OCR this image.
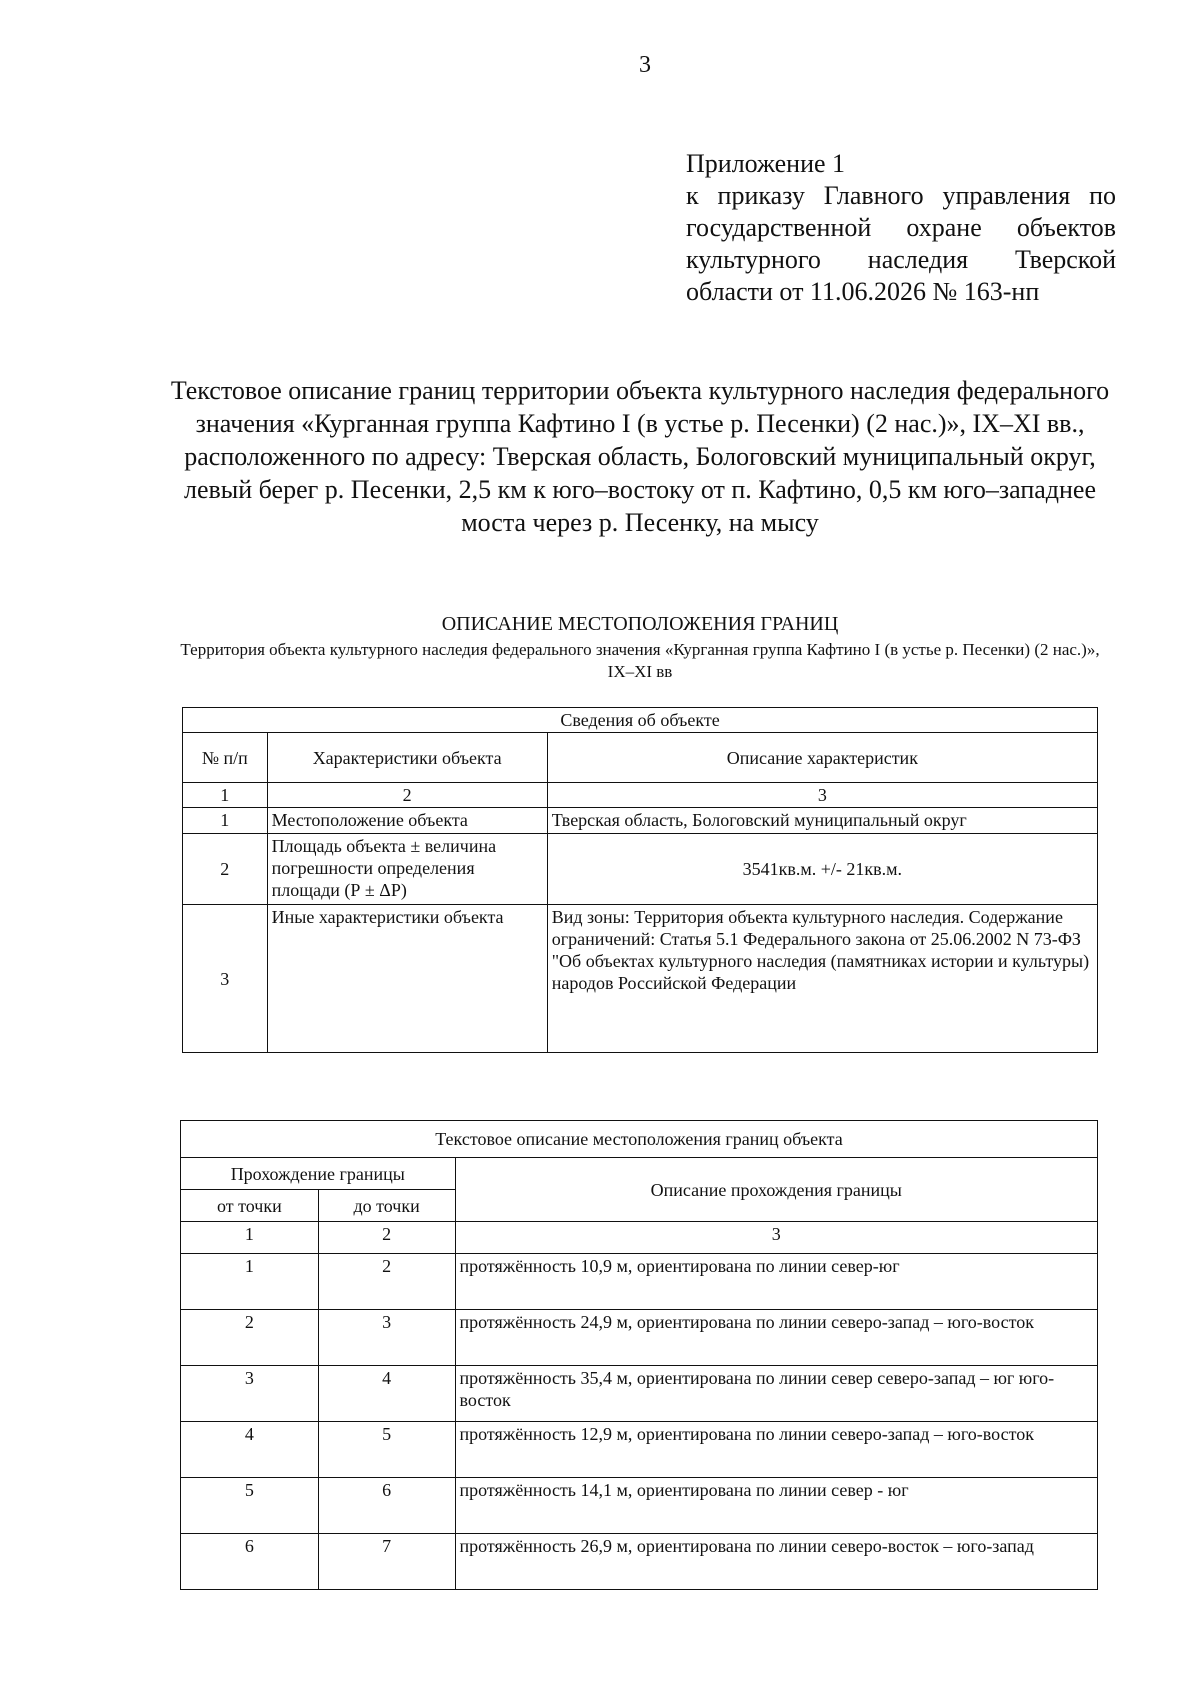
3
Приложение 1
к приказу Главного управления по государственной охране объектов культурного наследия Тверской области от 11.06.2026 № 163-нп
Текстовое описание границ территории объекта культурного наследия федерального значения «Курганная группа Кафтино I (в устье р. Песенки) (2 нас.)», IX–XI вв., расположенного по адресу: Тверская область, Бологовский муниципальный округ, левый берег р. Песенки, 2,5 км к юго–востоку от п. Кафтино, 0,5 км юго–западнее моста через р. Песенку, на мысу
ОПИСАНИЕ МЕСТОПОЛОЖЕНИЯ ГРАНИЦ
Территория объекта культурного наследия федерального значения «Курганная группа Кафтино I (в устье р. Песенки) (2 нас.)», IX–XI вв
Сведения об объекте		
№ п/п	Характеристики объекта	Описание характеристик
1	2	3
1	Местоположение объекта	Тверская область, Бологовский муниципальный округ
2	Площадь объекта ± величина погрешности определения площади (Р ± ΔР)	3541кв.м. +/- 21кв.м.
3	Иные характеристики объекта	Вид зоны: Территория объекта культурного наследия. Содержание ограничений: Статья 5.1 Федерального закона от 25.06.2002 N 73-ФЗ "Об объектах культурного наследия (памятниках истории и культуры) народов Российской Федерации
Текстовое описание местоположения границ объекта		
Прохождение границы		Описание прохождения границы
от точки	до точки	
1	2	3
1	2	протяжённость 10,9 м, ориентирована по линии север-юг
2	3	протяжённость 24,9 м, ориентирована по линии северо-запад – юго-восток
3	4	протяжённость 35,4 м, ориентирована по линии север северо-запад – юг юго-восток
4	5	протяжённость 12,9 м, ориентирована по линии северо-запад – юго-восток
5	6	протяжённость 14,1 м, ориентирована по линии север - юг
6	7	протяжённость 26,9 м, ориентирована по линии северо-восток – юго-запад
